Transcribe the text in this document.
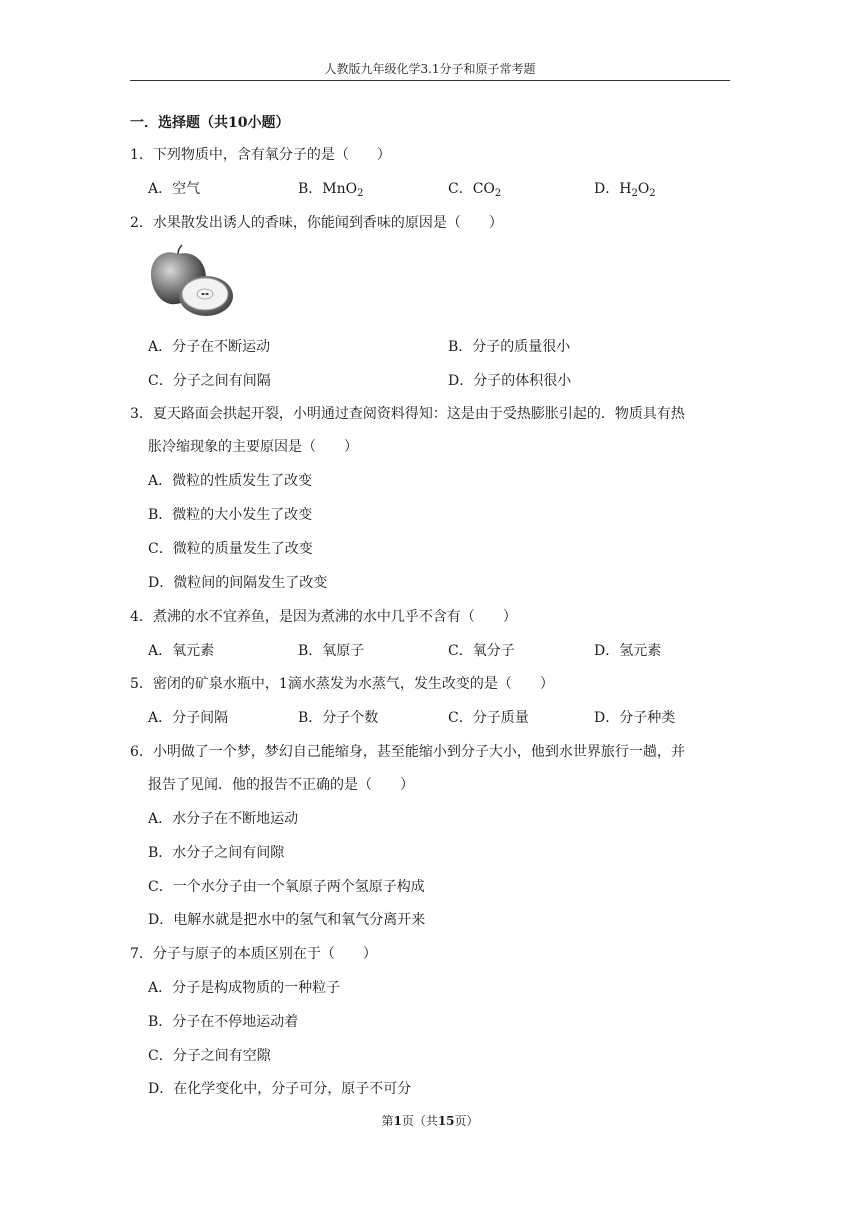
人教版九年级化学3.1分子和原子常考题
一．选择题（共10小题）
1．下列物质中，含有氧分子的是（　　）
A．空气	B．MnO$_2$	C．$CO_2$	D．$H_2O_2$
2．水果散发出诱人的香味，你能闻到香味的原因是（　　）
A．分子在不断运动	B．分子的质量很小
C．分子之间有间隔	D．分子的体积很小
3．夏天路面会拱起开裂，小明通过查阅资料得知：这是由于受热膨胀引起的．物质具有热
胀冷缩现象的主要原因是（　　）
A．微粒的性质发生了改变
B．微粒的大小发生了改变
C．微粒的质量发生了改变
D．微粒间的间隔发生了改变
4．煮沸的水不宜养鱼，是因为煮沸的水中几乎不含有（　　）
A．氧元素	B．氧原子	C．氧分子	D．氢元素
5．密闭的矿泉水瓶中，1滴水蒸发为水蒸气，发生改变的是（　　）
A．分子间隔	B．分子个数	C．分子质量	D．分子种类
6．小明做了一个梦，梦幻自己能缩身，甚至能缩小到分子大小，他到水世界旅行一趟，并
报告了见闻．他的报告不正确的是（　　）
A．水分子在不断地运动
B．水分子之间有间隙
C．一个水分子由一个氧原子两个氢原子构成
D．电解水就是把水中的氢气和氧气分离开来
7．分子与原子的本质区别在于（　　）
A．分子是构成物质的一种粒子
B．分子在不停地运动着
C．分子之间有空隙
D．在化学变化中，分子可分，原子不可分
第1页（共15页）
